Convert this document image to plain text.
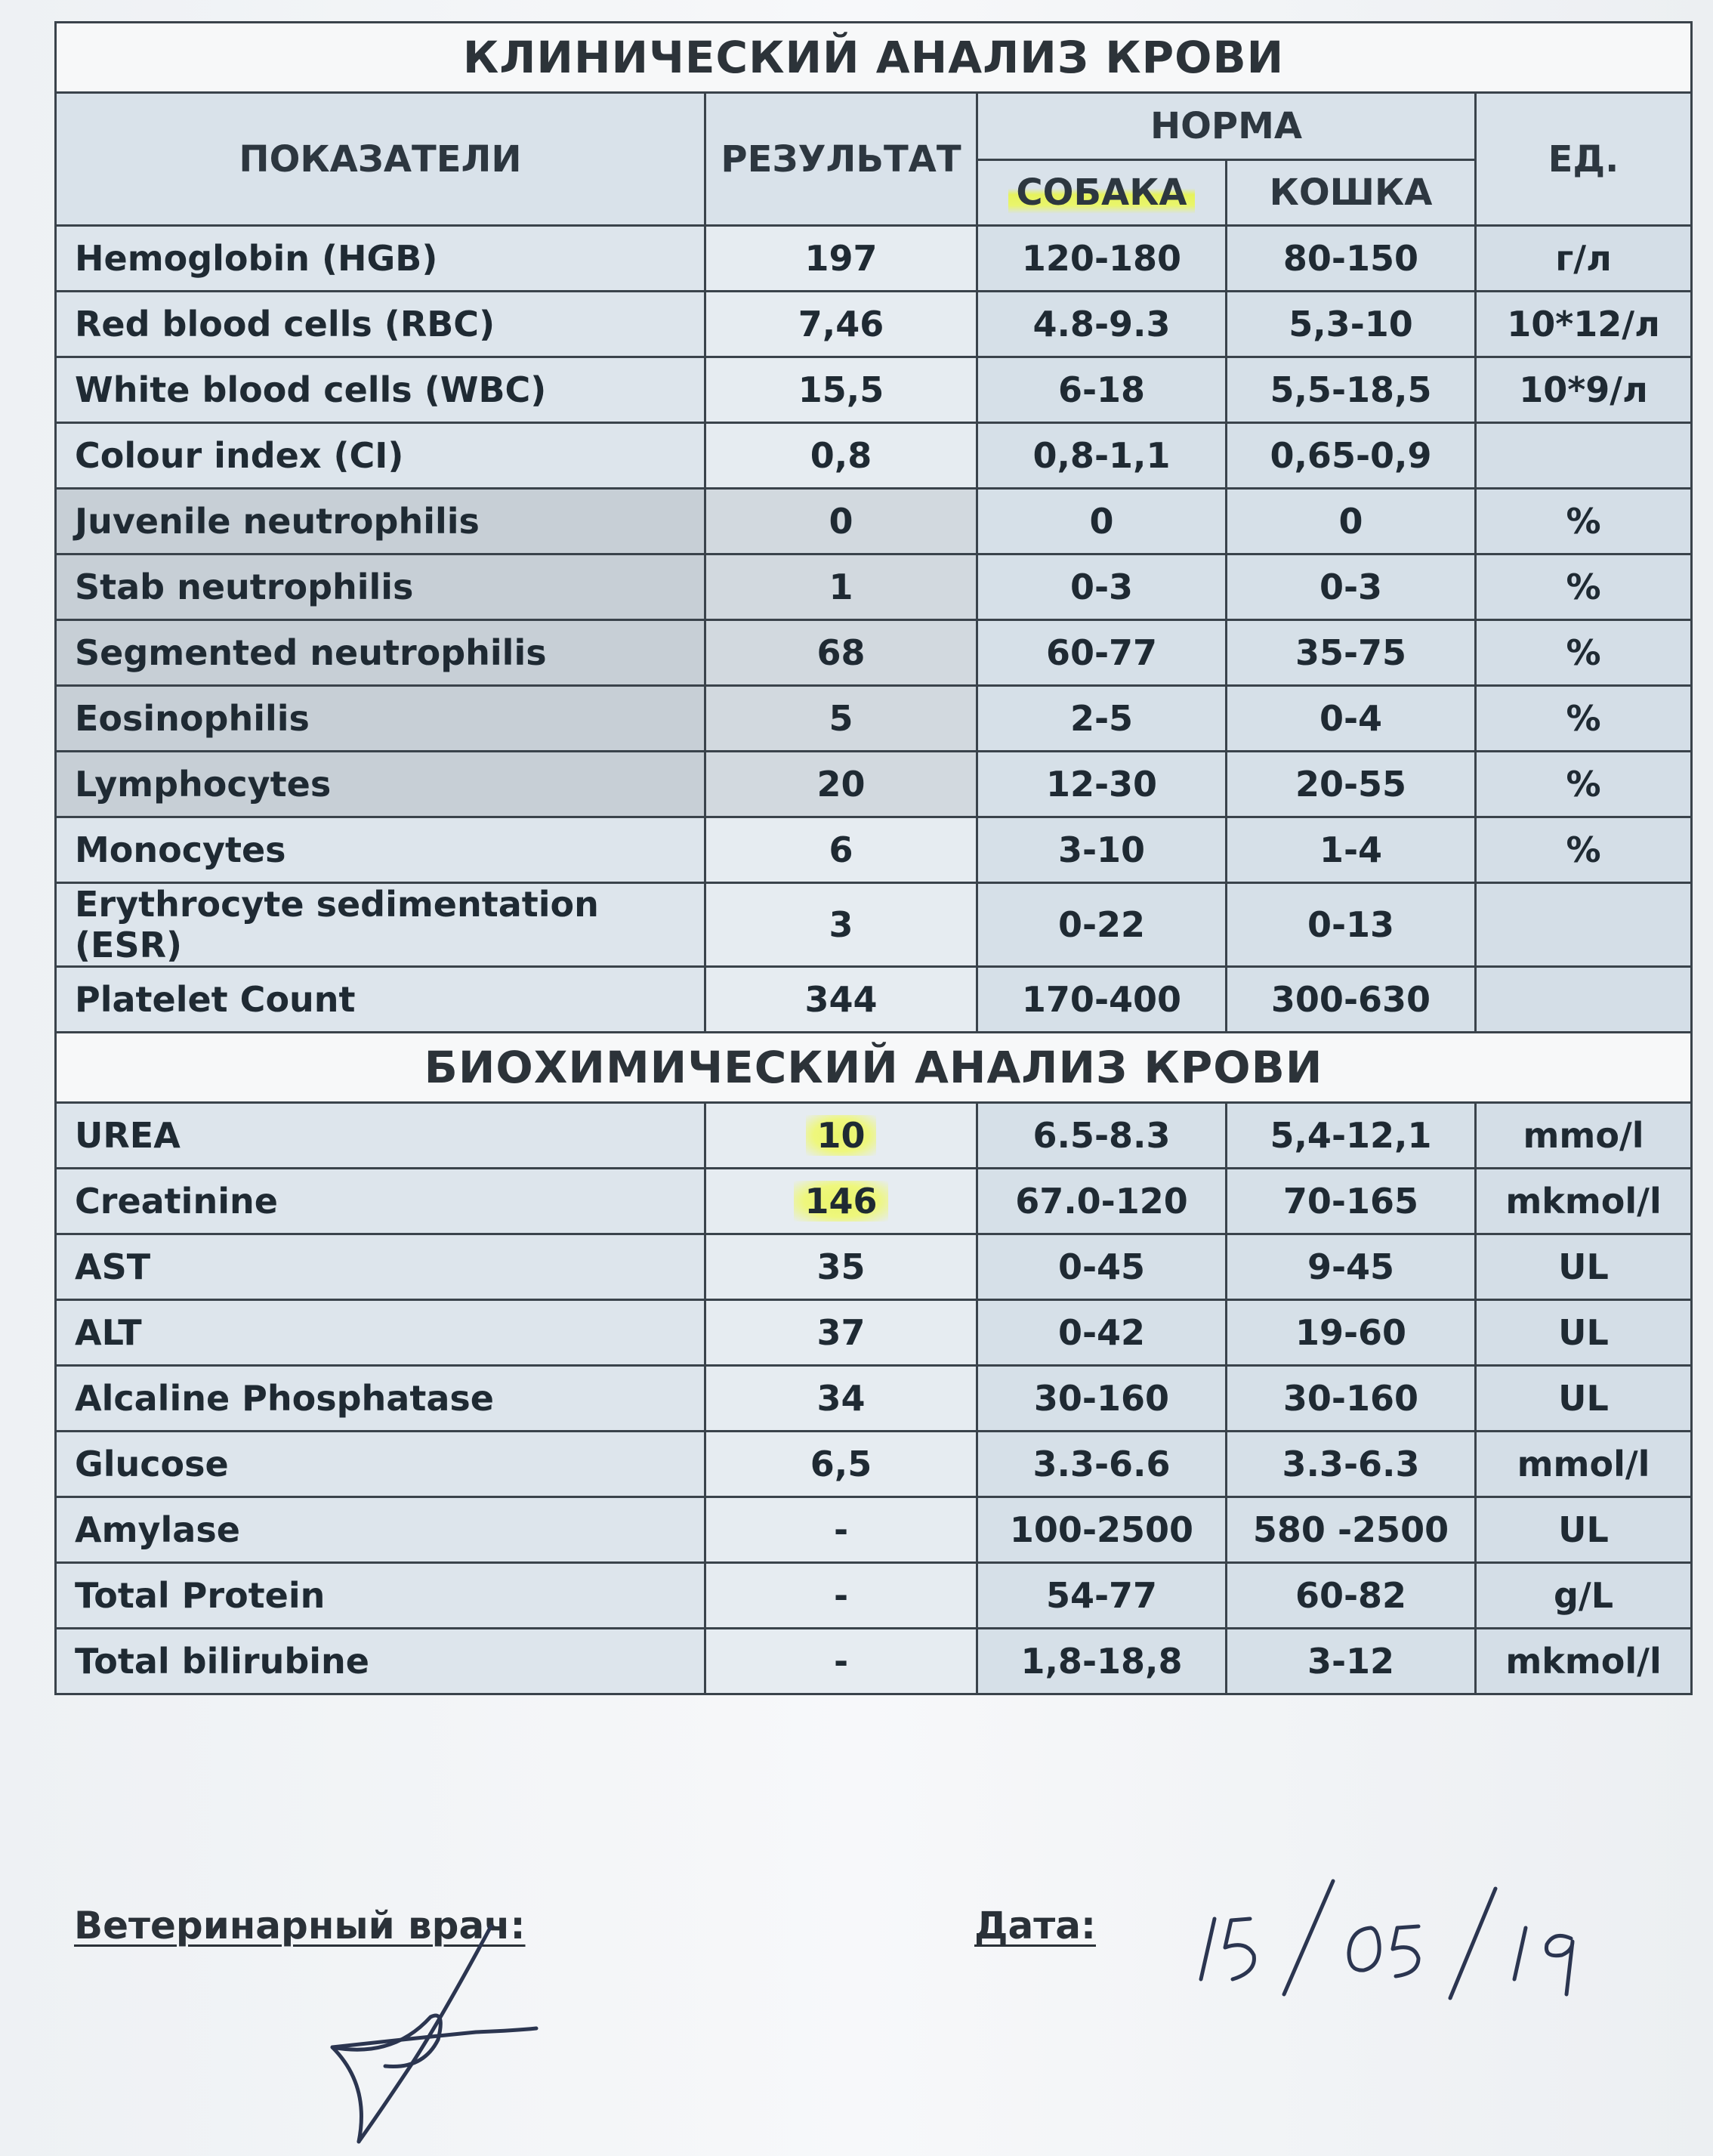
КЛИНИЧЕСКИЙ АНАЛИЗ КРОВИ				
ПОКАЗАТЕЛИ	РЕЗУЛЬТАТ	НОРМА		ЕД.
		СОБАКА	КОШКА	
Hemoglobin (HGB)	197	120-180	80-150	г/л
Red blood cells (RBC)	7,46	4.8-9.3	5,3-10	10*12/л
White blood cells (WBC)	15,5	6-18	5,5-18,5	10*9/л
Colour index (CI)	0,8	0,8-1,1	0,65-0,9	
Juvenile neutrophilis	0	0	0	%
Stab neutrophilis	1	0-3	0-3	%
Segmented neutrophilis	68	60-77	35-75	%
Eosinophilis	5	2-5	0-4	%
Lymphocytes	20	12-30	20-55	%
Monocytes	6	3-10	1-4	%
Erythrocyte sedimentation (ESR)	3	0-22	0-13	
Platelet Count	344	170-400	300-630	
БИОХИМИЧЕСКИЙ АНАЛИЗ КРОВИ				
UREA	10	6.5-8.3	5,4-12,1	mmo/l
Creatinine	146	67.0-120	70-165	mkmol/l
AST	35	0-45	9-45	UL
ALT	37	0-42	19-60	UL
Alcaline Phosphatase	34	30-160	30-160	UL
Glucose	6,5	3.3-6.6	3.3-6.3	mmol/l
Amylase	-	100-2500	580 -2500	UL
Total Protein	-	54-77	60-82	g/L
Total bilirubine	-	1,8-18,8	3-12	mkmol/l
Ветеринарный врач:	Дата:
15/05/19
